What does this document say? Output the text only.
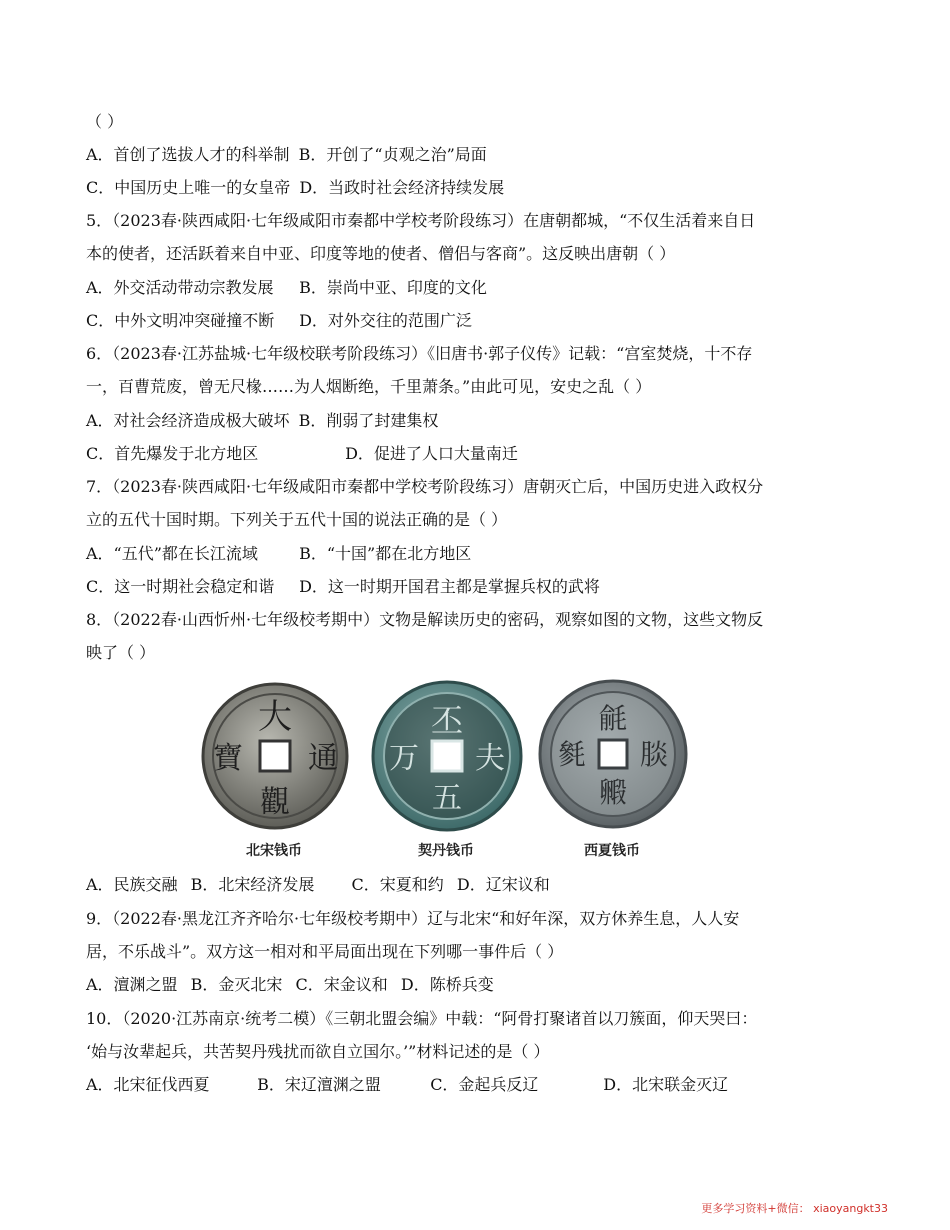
（ ）
A．首创了选拔人才的科举制 B．开创了“贞观之治”局面
C．中国历史上唯一的女皇帝 D．当政时社会经济持续发展
5．（2023春·陕西咸阳·七年级咸阳市秦都中学校考阶段练习）在唐朝都城，“不仅生活着来自日
本的使者，还活跃着来自中亚、印度等地的使者、僧侣与客商”。这反映出唐朝（ ）
A．外交活动带动宗教发展 B．崇尚中亚、印度的文化
C．中外文明冲突碰撞不断 D．对外交往的范围广泛
6．（2023春·江苏盐城·七年级校联考阶段练习）《旧唐书·郭子仪传》记载：“宫室焚烧，十不存
一，百曹荒废，曾无尺椽……为人烟断绝，千里萧条。”由此可见，安史之乱（ ）
A．对社会经济造成极大破坏 B．削弱了封建集权
C．首先爆发于北方地区	D．促进了人口大量南迁
7．（2023春·陕西咸阳·七年级咸阳市秦都中学校考阶段练习）唐朝灭亡后，中国历史进入政权分
立的五代十国时期。下列关于五代十国的说法正确的是（ ）
A．“五代”都在长江流域	B．“十国”都在北方地区
C．这一时期社会稳定和谐 D．这一时期开国君主都是掌握兵权的武将
8．（2022春·山西忻州·七年级校考期中）文物是解读历史的密码，观察如图的文物，这些文物反
映了（ ）
大
通
觀
寶
北宋钱币
丕
夫
五
万
契丹钱币
毹
腅
毈
毿
西夏钱币
A．民族交融 B．北宋经济发展 C．宋夏和约 D．辽宋议和
9．（2022春·黑龙江齐齐哈尔·七年级校考期中）辽与北宋“和好年深，双方休养生息，人人安
居，不乐战斗”。双方这一相对和平局面出现在下列哪一事件后（ ）
A．澶渊之盟 B．金灭北宋 C．宋金议和 D．陈桥兵变
10．（2020·江苏南京·统考二模）《三朝北盟会编》中载：“阿骨打聚诸首以刀簇面，仰天哭曰：
‘始与汝辈起兵，共苦契丹残扰而欲自立国尔。’”材料记述的是（ ）
A．北宋征伐西夏	B．宋辽澶渊之盟	C．金起兵反辽	D．北宋联金灭辽
更多学习资料+微信： xiaoyangkt33
